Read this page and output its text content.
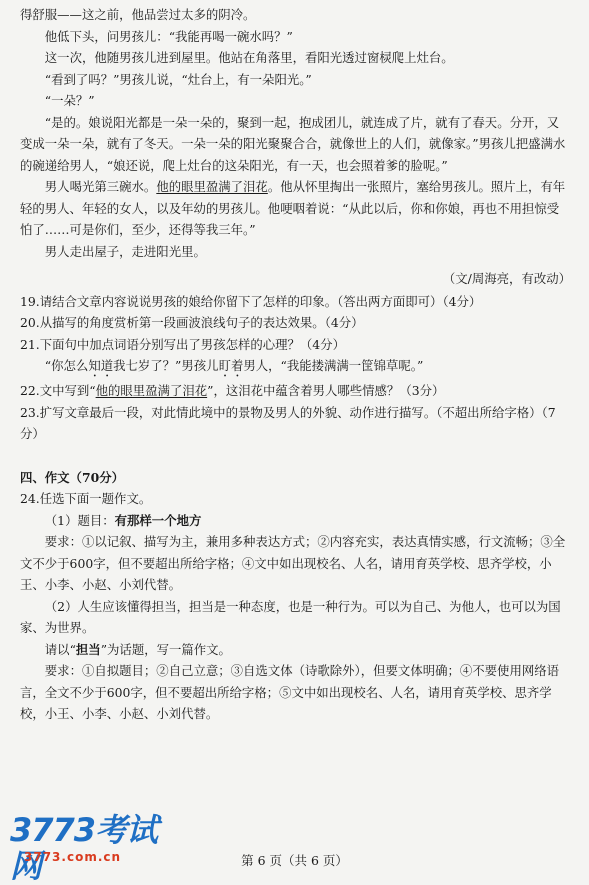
得舒服——这之前，他品尝过太多的阴冷。

他低下头，问男孩儿：“我能再喝一碗水吗？”

这一次，他随男孩儿进到屋里。他站在角落里，看阳光透过窗棂爬上灶台。

“看到了吗？”男孩儿说，“灶台上，有一朵阳光。”

“一朵？”

“是的。娘说阳光都是一朵一朵的，聚到一起，抱成团儿，就连成了片，就有了春天。分开，又变成一朵一朵，就有了冬天。一朵一朵的阳光聚聚合合，就像世上的人们，就像家。”男孩儿把盛满水的碗递给男人，“娘还说，爬上灶台的这朵阳光，有一天，也会照着爹的脸呢。”

男人喝光第三碗水。他的眼里盈满了泪花。他从怀里掏出一张照片，塞给男孩儿。照片上，有年轻的男人、年轻的女人，以及年幼的男孩儿。他哽咽着说：“从此以后，你和你娘，再也不用担惊受怕了……可是你们，至少，还得等我三年。”

男人走出屋子，走进阳光里。

（文/周海亮，有改动）

19.请结合文章内容说说男孩的娘给你留下了怎样的印象。（答出两方面即可）（4分）

20.从描写的角度赏析第一段画波浪线句子的表达效果。（4分）

21.下面句中加点词语分别写出了男孩怎样的心理？（4分）

“你怎么知道我七岁了？”男孩儿盯着男人，“我能搂满满一筐锦草呢。”

22.文中写到“他的眼里盈满了泪花”，这泪花中蕴含着男人哪些情感？（3分）

23.扩写文章最后一段，对此情此境中的景物及男人的外貌、动作进行描写。（不超出所给字格）（7分）

四、作文（70分）

24.任选下面一题作文。

（1）题目：有那样一个地方

要求：①以记叙、描写为主，兼用多种表达方式；②内容充实，表达真情实感，行文流畅；③全文不少于600字，但不要超出所给字格；④文中如出现校名、人名，请用育英学校、思齐学校，小王、小李、小赵、小刘代替。

（2）人生应该懂得担当，担当是一种态度，也是一种行为。可以为自己、为他人，也可以为国家、为世界。

请以“担当”为话题，写一篇作文。

要求：①自拟题目；②自己立意；③自选文体（诗歌除外），但要文体明确；④不要使用网络语言，全文不少于600字，但不要超出所给字格；⑤文中如出现校名、人名，请用育英学校、思齐学校，小王、小李、小赵、小刘代替。

3773考试网
3773.com.cn	第 6 页（共 6 页）
